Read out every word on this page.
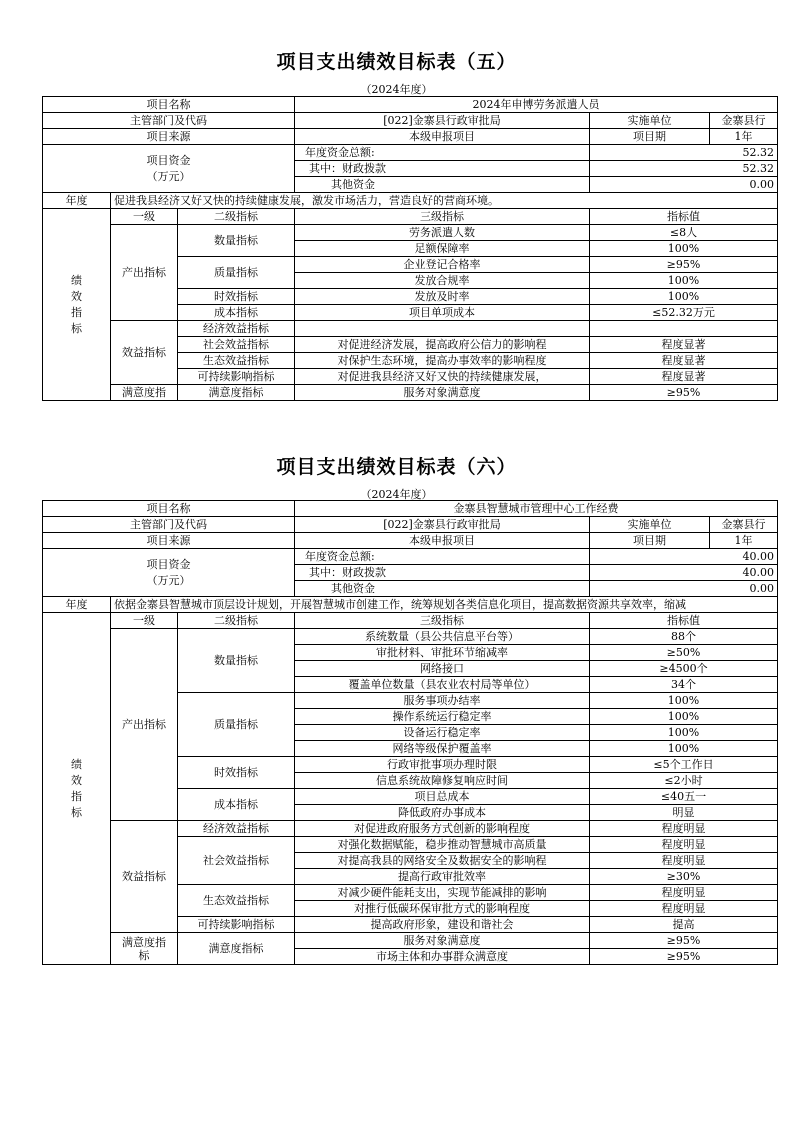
项目支出绩效目标表（五）
（2024年度）
项目名称			2024年申博劳务派遣人员		
主管部门及代码			[022]金寨县行政审批局	实施单位	金寨县行
项目来源			本级申报项目	项目期	1年
项目资金
（万元）			年度资金总额:	52.32	
			其中：财政拨款	52.32	
			其他资金	0.00	
年度	促进我县经济又好又快的持续健康发展，激发市场活力，营造良好的营商环境。				
绩
效
指
标	一级	二级指标	三级指标	指标值	
	产出指标	数量指标	劳务派遣人数	≤8人	
			足额保障率	100%	
		质量指标	企业登记合格率	≥95%	
			发放合规率	100%	
		时效指标	发放及时率	100%	
		成本指标	项目单项成本	≤52.32万元	
	效益指标	经济效益指标			
		社会效益指标	对促进经济发展，提高政府公信力的影响程	程度显著	
		生态效益指标	对保护生态环境，提高办事效率的影响程度	程度显著	
		可持续影响指标	对促进我县经济又好又快的持续健康发展，	程度显著	
	满意度指	满意度指标	服务对象满意度	≥95%	
项目支出绩效目标表（六）
（2024年度）
项目名称			金寨县智慧城市管理中心工作经费		
主管部门及代码			[022]金寨县行政审批局	实施单位	金寨县行
项目来源			本级申报项目	项目期	1年
项目资金
（万元）			年度资金总额:	40.00	
			其中：财政拨款	40.00	
			其他资金	0.00	
年度	依据金寨县智慧城市顶层设计规划，开展智慧城市创建工作，统筹规划各类信息化项目，提高数据资源共享效率，缩减				
绩
效
指
标	一级	二级指标	三级指标	指标值	
	产出指标	数量指标	系统数量（县公共信息平台等）	88个	
			审批材料、审批环节缩减率	≥50%	
			网络接口	≥4500个	
			覆盖单位数量（县农业农村局等单位）	34个	
		质量指标	服务事项办结率	100%	
			操作系统运行稳定率	100%	
			设备运行稳定率	100%	
			网络等级保护覆盖率	100%	
		时效指标	行政审批事项办理时限	≤5个工作日	
			信息系统故障修复响应时间	≤2小时	
		成本指标	项目总成本	≤40五一	
			降低政府办事成本	明显	
	效益指标	经济效益指标	对促进政府服务方式创新的影响程度	程度明显	
		社会效益指标	对强化数据赋能，稳步推动智慧城市高质量	程度明显	
			对提高我县的网络安全及数据安全的影响程	程度明显	
			提高行政审批效率	≥30%	
		生态效益指标	对减少硬件能耗支出，实现节能减排的影响	程度明显	
			对推行低碳环保审批方式的影响程度	程度明显	
		可持续影响指标	提高政府形象，建设和谐社会	提高	
	满意度指
标	满意度指标	服务对象满意度	≥95%	
			市场主体和办事群众满意度	≥95%	
